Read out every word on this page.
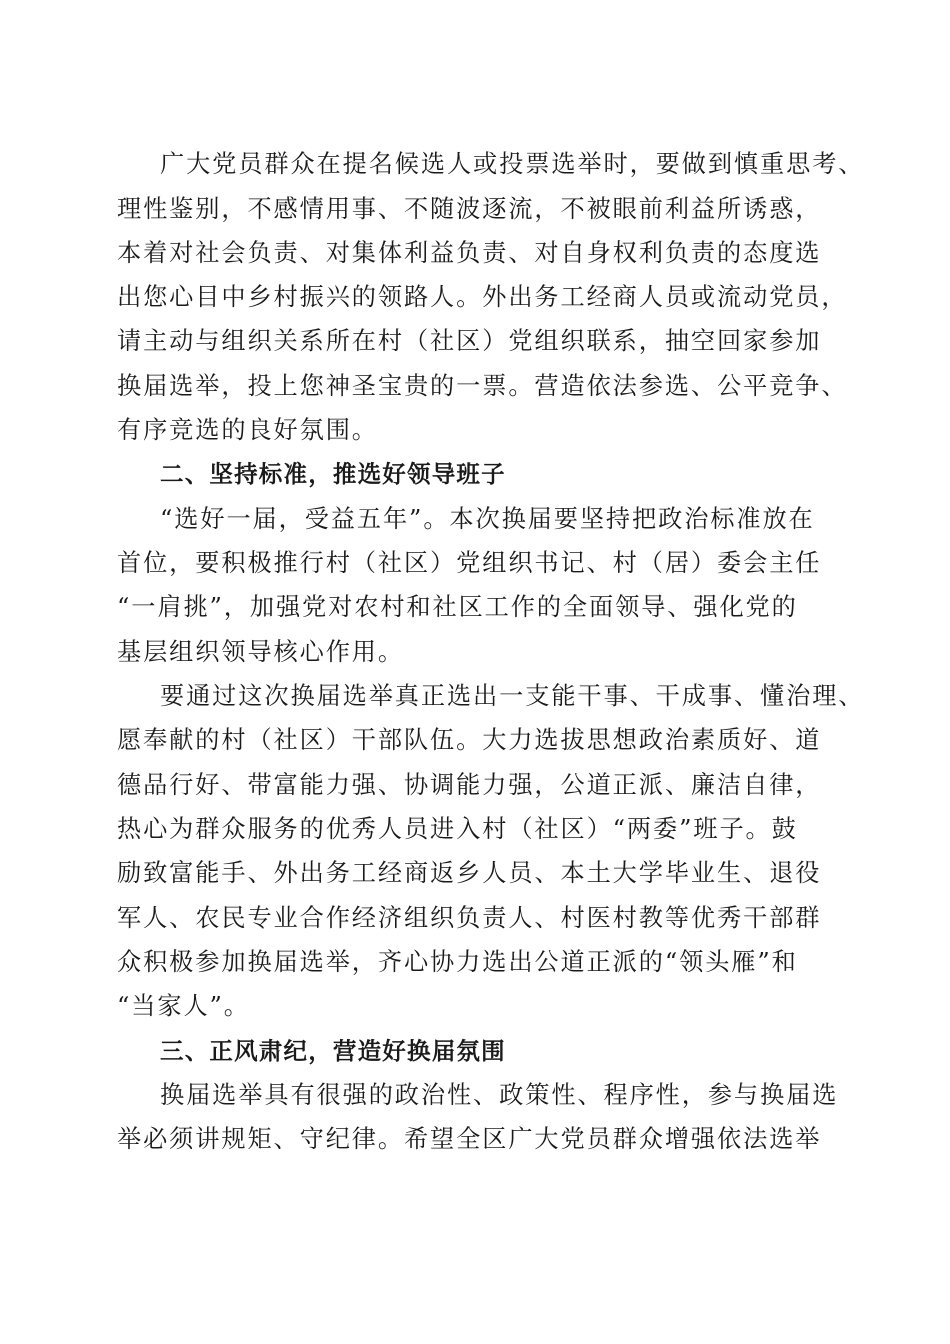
广大党员群众在提名候选人或投票选举时，要做到慎重思考、
理性鉴别，不感情用事、不随波逐流，不被眼前利益所诱惑，
本着对社会负责、对集体利益负责、对自身权利负责的态度选
出您心目中乡村振兴的领路人。外出务工经商人员或流动党员，
请主动与组织关系所在村（社区）党组织联系，抽空回家参加
换届选举，投上您神圣宝贵的一票。营造依法参选、公平竞争、
有序竞选的良好氛围。
二、坚持标准，推选好领导班子
“选好一届，受益五年”。本次换届要坚持把政治标准放在
首位，要积极推行村（社区）党组织书记、村（居）委会主任
“一肩挑”，加强党对农村和社区工作的全面领导、强化党的
基层组织领导核心作用。
要通过这次换届选举真正选出一支能干事、干成事、懂治理、
愿奉献的村（社区）干部队伍。大力选拔思想政治素质好、道
德品行好、带富能力强、协调能力强，公道正派、廉洁自律，
热心为群众服务的优秀人员进入村（社区）“两委”班子。鼓
励致富能手、外出务工经商返乡人员、本土大学毕业生、退役
军人、农民专业合作经济组织负责人、村医村教等优秀干部群
众积极参加换届选举，齐心协力选出公道正派的“领头雁”和
“当家人”。
三、正风肃纪，营造好换届氛围
换届选举具有很强的政治性、政策性、程序性，参与换届选
举必须讲规矩、守纪律。希望全区广大党员群众增强依法选举
